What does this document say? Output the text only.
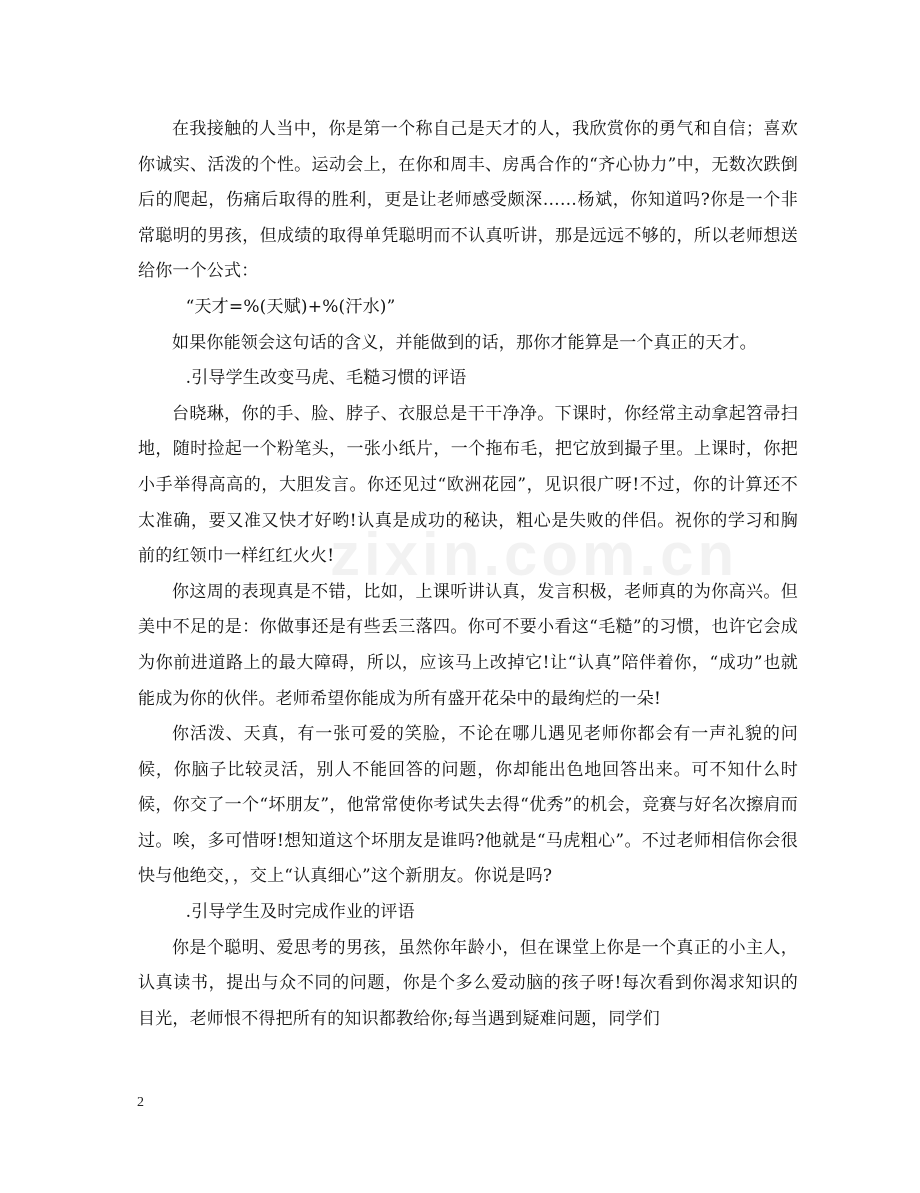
zixin.com.cn

在我接触的人当中，你是第一个称自己是天才的人，我欣赏你的勇气和自信；喜欢你诚实、活泼的个性。运动会上，在你和周丰、房禹合作的“齐心协力”中，无数次跌倒后的爬起，伤痛后取得的胜利，更是让老师感受颇深……杨斌，你知道吗?你是一个非常聪明的男孩，但成绩的取得单凭聪明而不认真听讲，那是远远不够的，所以老师想送给你一个公式：

“天才=%(天赋)+%(汗水)”

如果你能领会这句话的含义，并能做到的话，那你才能算是一个真正的天才。

.引导学生改变马虎、毛糙习惯的评语

台晓琳，你的手、脸、脖子、衣服总是干干净净。下课时，你经常主动拿起笤帚扫地，随时捡起一个粉笔头，一张小纸片，一个拖布毛，把它放到撮子里。上课时，你把小手举得高高的，大胆发言。你还见过“欧洲花园”，见识很广呀!不过，你的计算还不太准确，要又准又快才好哟!认真是成功的秘诀，粗心是失败的伴侣。祝你的学习和胸前的红领巾一样红红火火!

你这周的表现真是不错，比如，上课听讲认真，发言积极，老师真的为你高兴。但美中不足的是：你做事还是有些丢三落四。你可不要小看这“毛糙”的习惯，也许它会成为你前进道路上的最大障碍，所以，应该马上改掉它!让“认真”陪伴着你，“成功”也就能成为你的伙伴。老师希望你能成为所有盛开花朵中的最绚烂的一朵!

你活泼、天真，有一张可爱的笑脸，不论在哪儿遇见老师你都会有一声礼貌的问候，你脑子比较灵活，别人不能回答的问题，你却能出色地回答出来。可不知什么时候，你交了一个“坏朋友”，他常常使你考试失去得“优秀”的机会，竞赛与好名次擦肩而过。唉，多可惜呀!想知道这个坏朋友是谁吗?他就是“马虎粗心”。不过老师相信你会很快与他绝交，，交上“认真细心”这个新朋友。你说是吗?

.引导学生及时完成作业的评语

你是个聪明、爱思考的男孩，虽然你年龄小，但在课堂上你是一个真正的小主人，认真读书，提出与众不同的问题，你是个多么爱动脑的孩子呀!每次看到你渴求知识的目光，老师恨不得把所有的知识都教给你;每当遇到疑难问题，同学们

2
